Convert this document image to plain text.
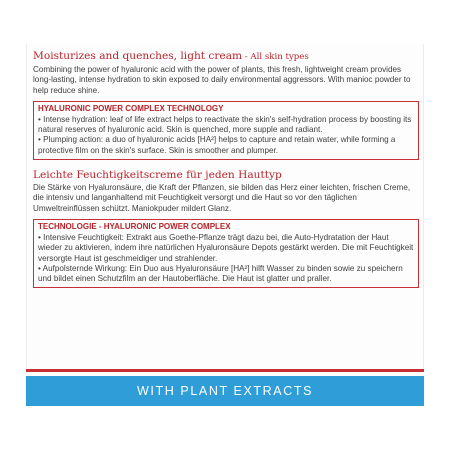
Moisturizes and quenches, light cream - All skin types

Combining the power of hyaluronic acid with the power of plants, this fresh, lightweight cream provides long-lasting, intense hydration to skin exposed to daily environmental aggressors. With manioc powder to help reduce shine.

HYALURONIC POWER COMPLEX TECHNOLOGY

• Intense hydration: leaf of life extract helps to reactivate the skin's self-hydration process by boosting its natural reserves of hyaluronic acid. Skin is quenched, more supple and radiant.

• Plumping action: a duo of hyaluronic acids [HA²] helps to capture and retain water, while forming a protective film on the skin's surface. Skin is smoother and plumper.

Leichte Feuchtigkeitscreme für jeden Hauttyp

Die Stärke von Hyaluronsäure, die Kraft der Pflanzen, sie bilden das Herz einer leichten, frischen Creme, die intensiv und langanhaltend mit Feuchtigkeit versorgt und die Haut so vor den täglichen Umweltreinflüssen schützt. Maniokpuder mildert Glanz.

TECHNOLOGIE - HYALURONIC POWER COMPLEX

• Intensive Feuchtigkeit: Extrakt aus Goethe-Pflanze trägt dazu bei, die Auto-Hydratation der Haut wieder zu aktivieren, indem ihre natürlichen Hyaluronsäure Depots gestärkt werden. Die mit Feuchtigkeit versorgte Haut ist geschmeidiger und strahlender.

• Aufpolsternde Wirkung: Ein Duo aus Hyaluronsäure [HA²] hilft Wasser zu binden sowie zu speichern und bildet einen Schutzfilm an der Hautoberfläche. Die Haut ist glatter und praller.

WITH PLANT EXTRACTS
